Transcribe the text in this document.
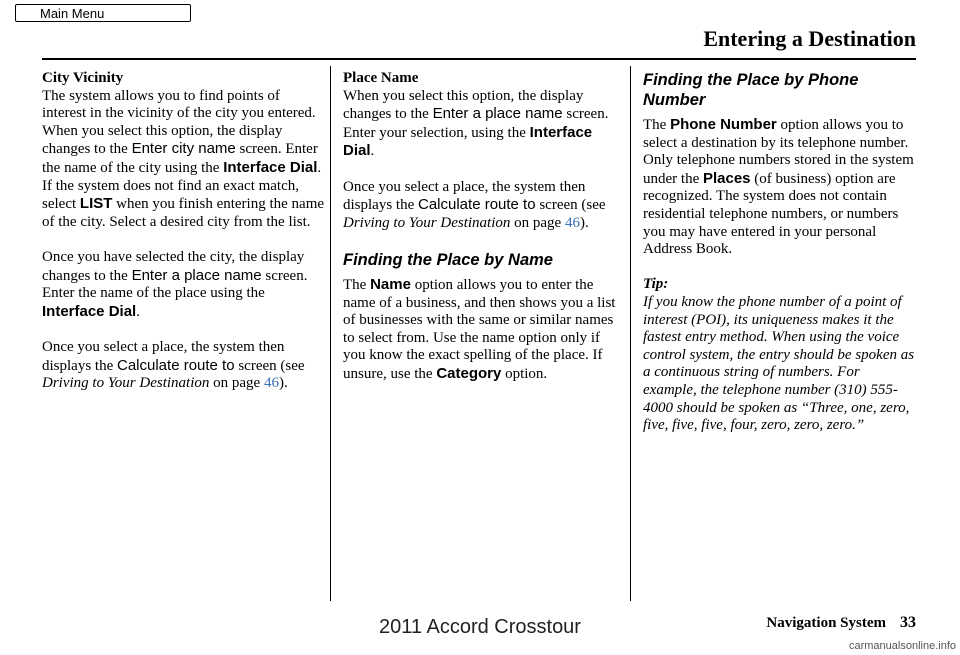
Main Menu
Entering a Destination
City Vicinity

The system allows you to find points of interest in the vicinity of the city you entered. When you select this option, the display changes to the Enter city name screen. Enter the name of the city using the Interface Dial. If the system does not find an exact match, select LIST when you finish entering the name of the city. Select a desired city from the list.

Once you have selected the city, the display changes to the Enter a place name screen. Enter the name of the place using the Interface Dial.

Once you select a place, the system then displays the Calculate route to screen (see Driving to Your Destination on page 46).

Place Name

When you select this option, the display changes to the Enter a place name screen. Enter your selection, using the Interface Dial.

Once you select a place, the system then displays the Calculate route to screen (see Driving to Your Destination on page 46).

Finding the Place by Name

The Name option allows you to enter the name of a business, and then shows you a list of businesses with the same or similar names to select from. Use the name option only if you know the exact spelling of the place. If unsure, use the Category option.

Finding the Place by Phone Number

The Phone Number option allows you to select a destination by its telephone number. Only telephone numbers stored in the system under the Places (of business) option are recognized. The system does not contain residential telephone numbers, or numbers you may have entered in your personal Address Book.

Tip:

If you know the phone number of a point of interest (POI), its uniqueness makes it the fastest entry method. When using the voice control system, the entry should be spoken as a continuous string of numbers. For example, the telephone number (310) 555-4000 should be spoken as “Three, one, zero, five, five, five, four, zero, zero, zero.”

Navigation System 33
2011 Accord Crosstour
carmanualsonline.info
